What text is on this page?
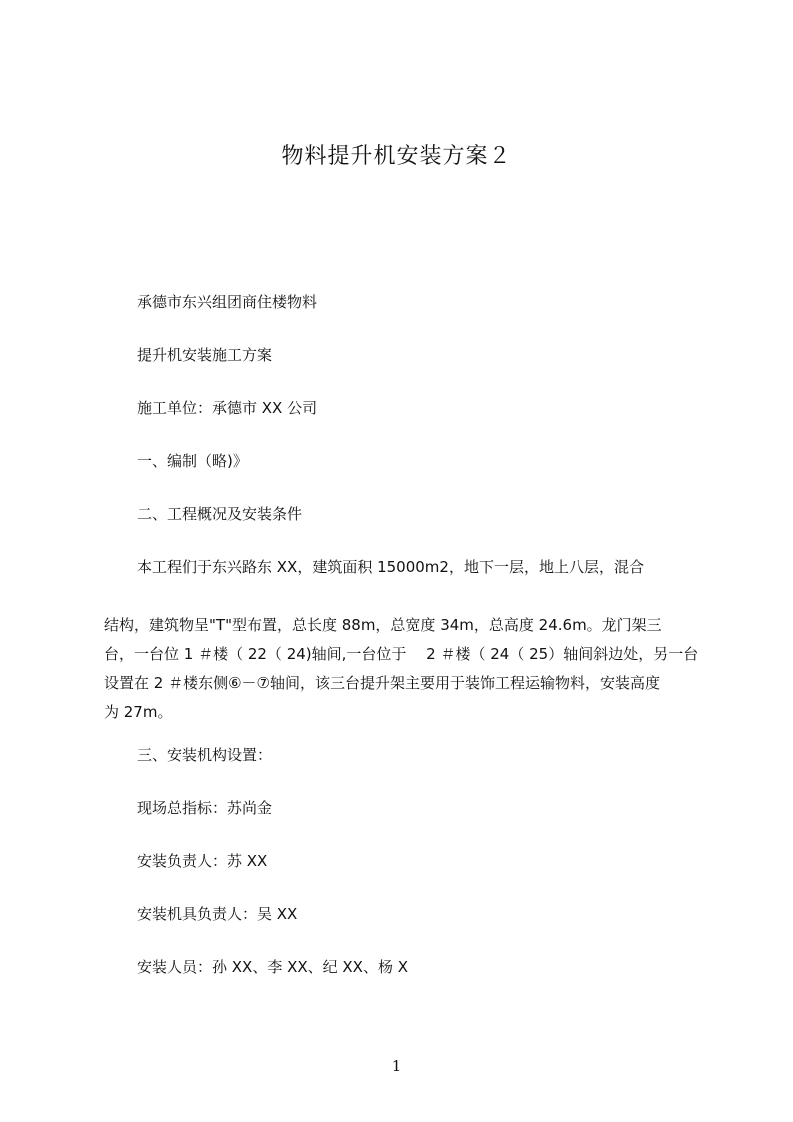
物料提升机安装方案２
承德市东兴组团商住楼物料
提升机安装施工方案
施工单位：承德市 XX 公司
一、编制（略)》
二、工程概况及安装条件
本工程们于东兴路东 XX，建筑面积 15000m2，地下一层，地上八层，混合
结构，建筑物呈"T"型布置，总长度 88m，总宽度 34m，总高度 24.6m。龙门架三
台，一台位 1 ＃楼（ 22（ 24)轴间,一台位于　 2 ＃楼（ 24（ 25）轴间斜边处，另一台
设置在 2 ＃楼东侧⑥－⑦轴间，该三台提升架主要用于装饰工程运输物料，安装高度
为 27m。
三、安装机构设置：
现场总指标：苏尚金
安装负责人：苏 XX
安装机具负责人：吴 XX
安装人员：孙 XX、李 XX、纪 XX、杨 X
1
